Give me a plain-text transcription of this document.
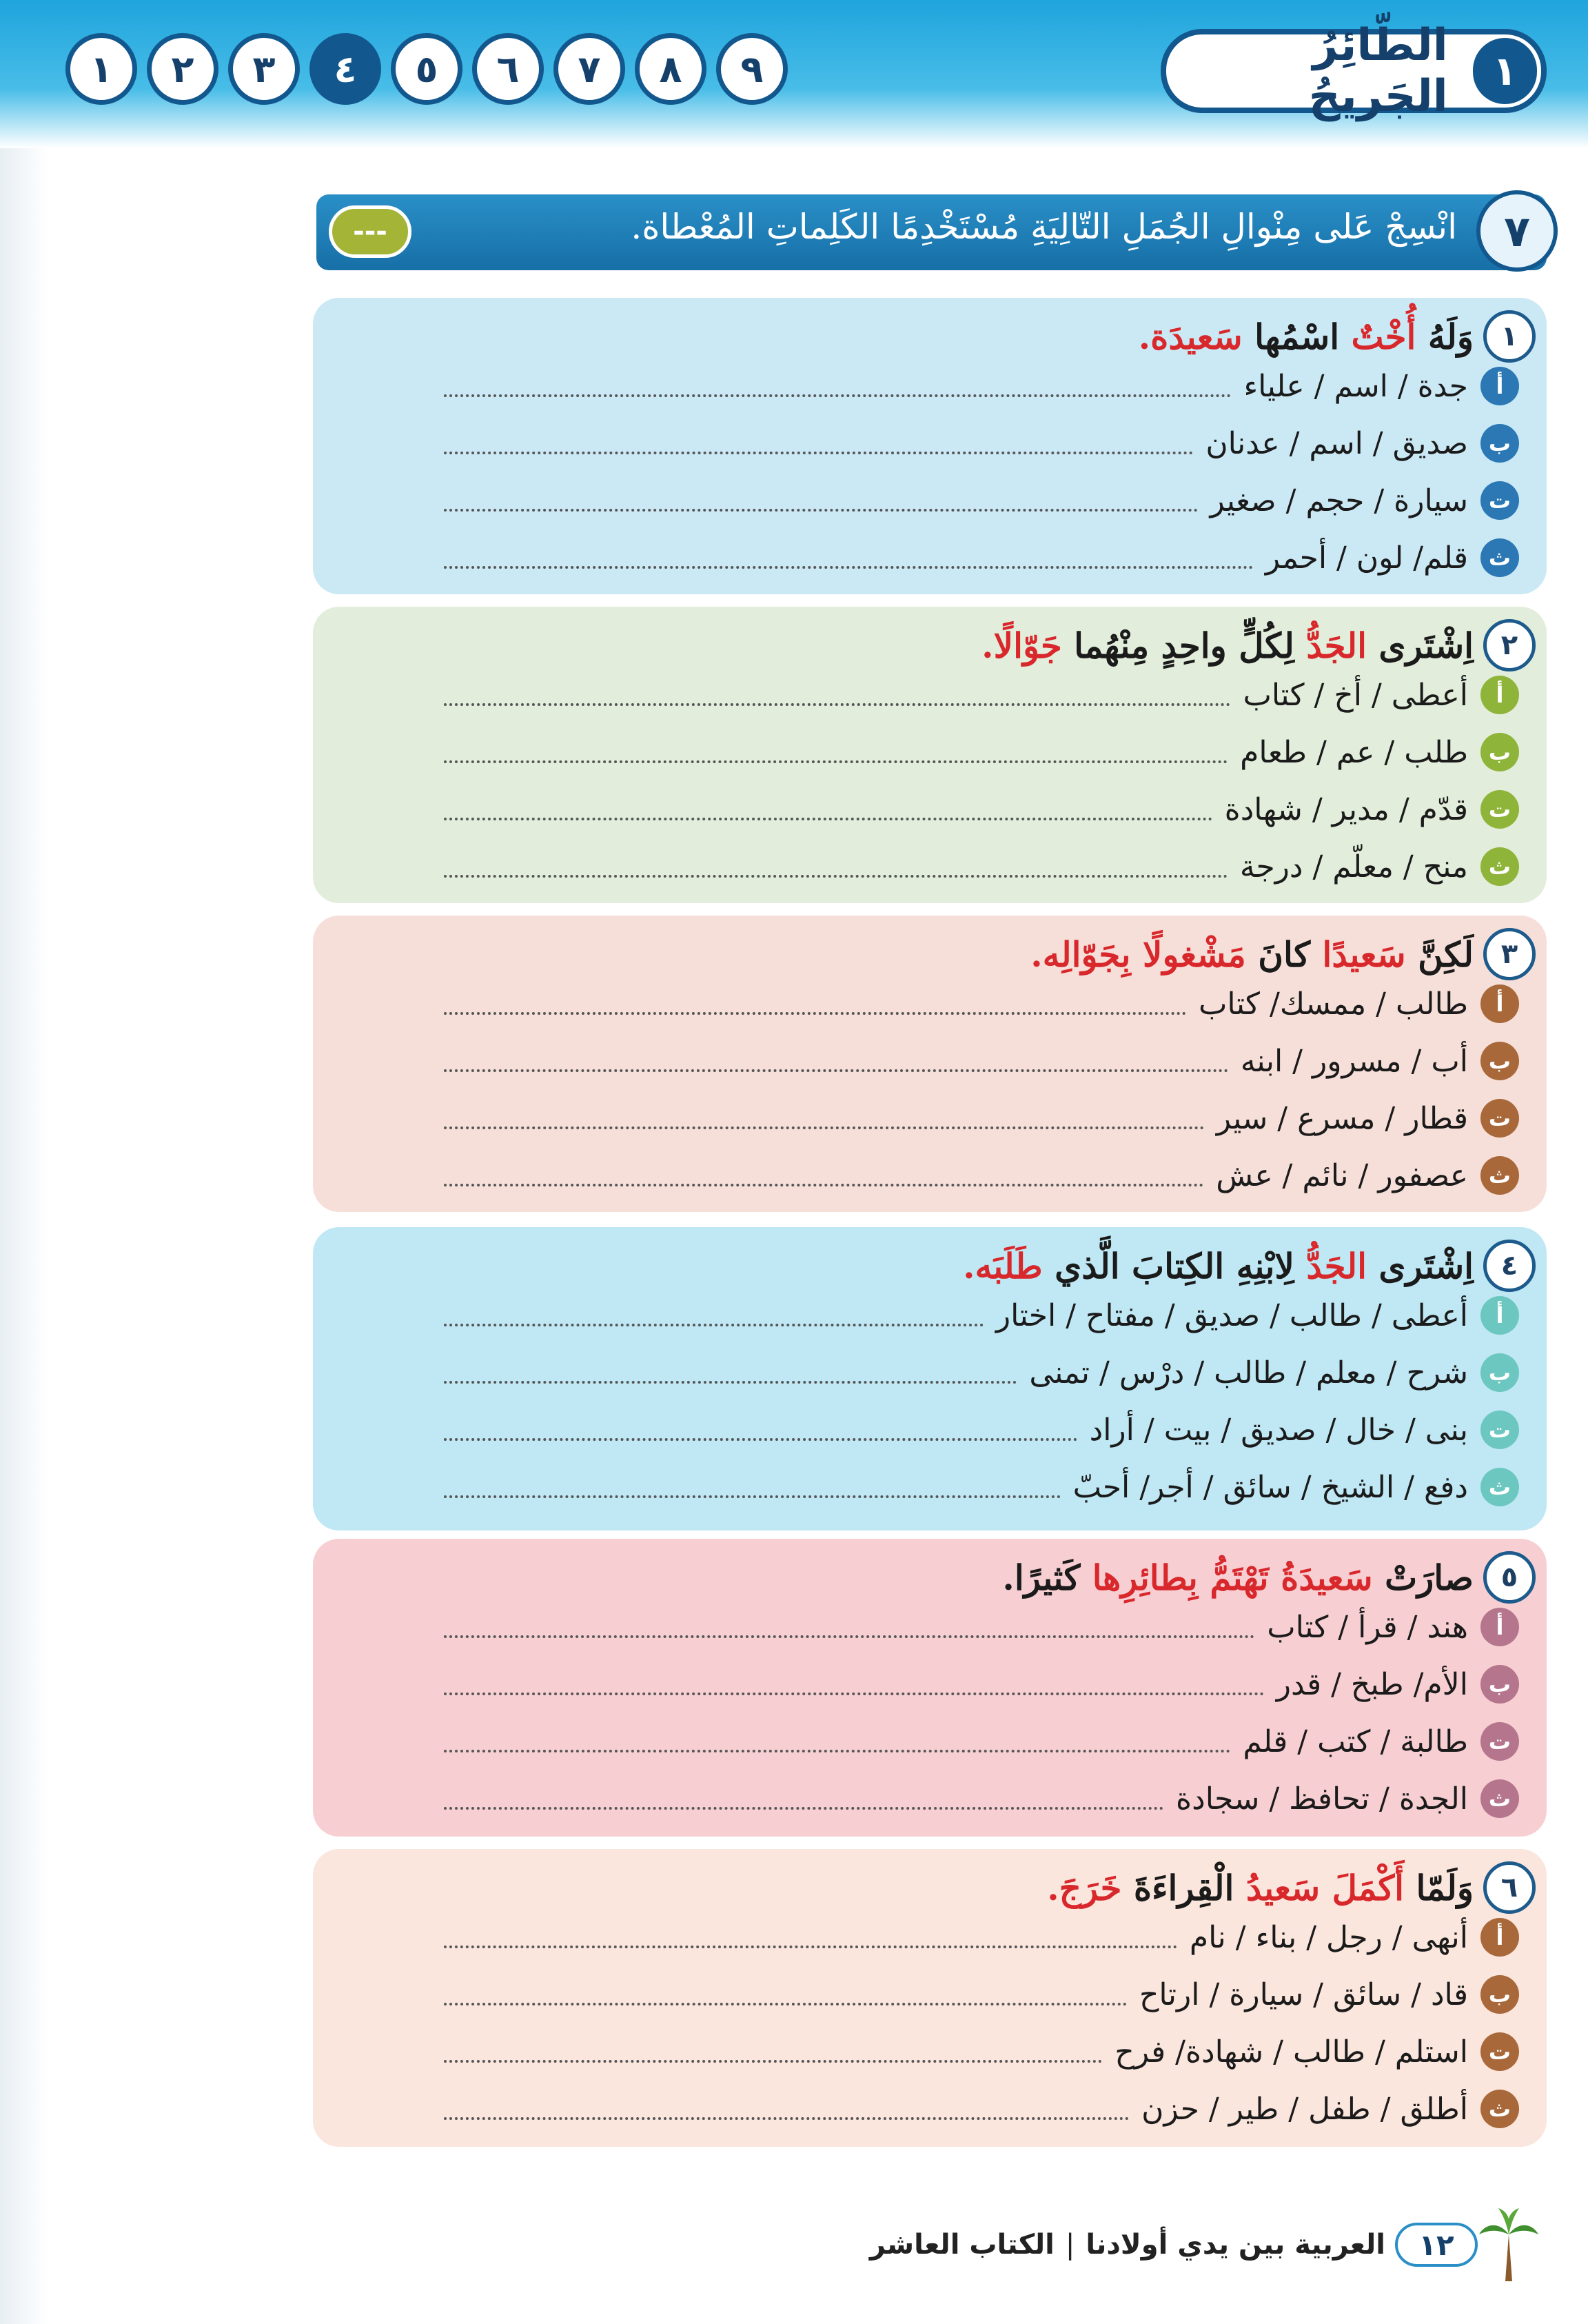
١
الطّائِرُ الجَريحُ
١	٢	٣	٤	٥	٦	٧	٨	٩
٧
انْسِجْ عَلى مِنْوالِ الجُمَلِ التّالِيَةِ مُسْتَخْدِمًا الكَلِماتِ المُعْطاة.
---
١
وَلَهُ أُخْتٌ اسْمُها سَعيدَة.
أ
جدة / اسم / علياء
ب
صديق / اسم / عدنان
ت
سيارة / حجم / صغير
ث
قلم/ لون / أحمر
٢
اِشْتَرى الجَدُّ لِكُلٍّ واحِدٍ مِنْهُما جَوّالًا.
أ
أعطى / أخ / كتاب
ب
طلب / عم / طعام
ت
قدّم / مدير / شهادة
ث
منح / معلّم / درجة
٣
لَكِنَّ سَعيدًا كانَ مَشْغولًا بِجَوّالِه.
أ
طالب / ممسك/ كتاب
ب
أب / مسرور / ابنه
ت
قطار / مسرع / سير
ث
عصفور / نائم / عش
٤
اِشْتَرى الجَدُّ لِابْنِهِ الكِتابَ الَّذي طَلَبَه.
أ
أعطى / طالب / صديق / مفتاح / اختار
ب
شرح / معلم / طالب / درْس / تمنى
ت
بنى / خال / صديق / بيت / أراد
ث
دفع / الشيخ / سائق / أجر/ أحبّ
٥
صارَتْ سَعيدَةُ تَهْتَمُّ بِطائِرِها كَثيرًا.
أ
هند / قرأ / كتاب
ب
الأم/ طبخ / قدر
ت
طالبة / كتب / قلم
ث
الجدة / تحافظ / سجادة
٦
وَلَمّا أَكْمَلَ سَعيدُ الْقِراءَةَ خَرَجَ.
أ
أنهى / رجل / بناء / نام
ب
قاد / سائق / سيارة / ارتاح
ت
استلم / طالب / شهادة/ فرح
ث
أطلق / طفل / طير / حزن
١٢
العربية بين يدي أولادنا
|
الكتاب العاشر
